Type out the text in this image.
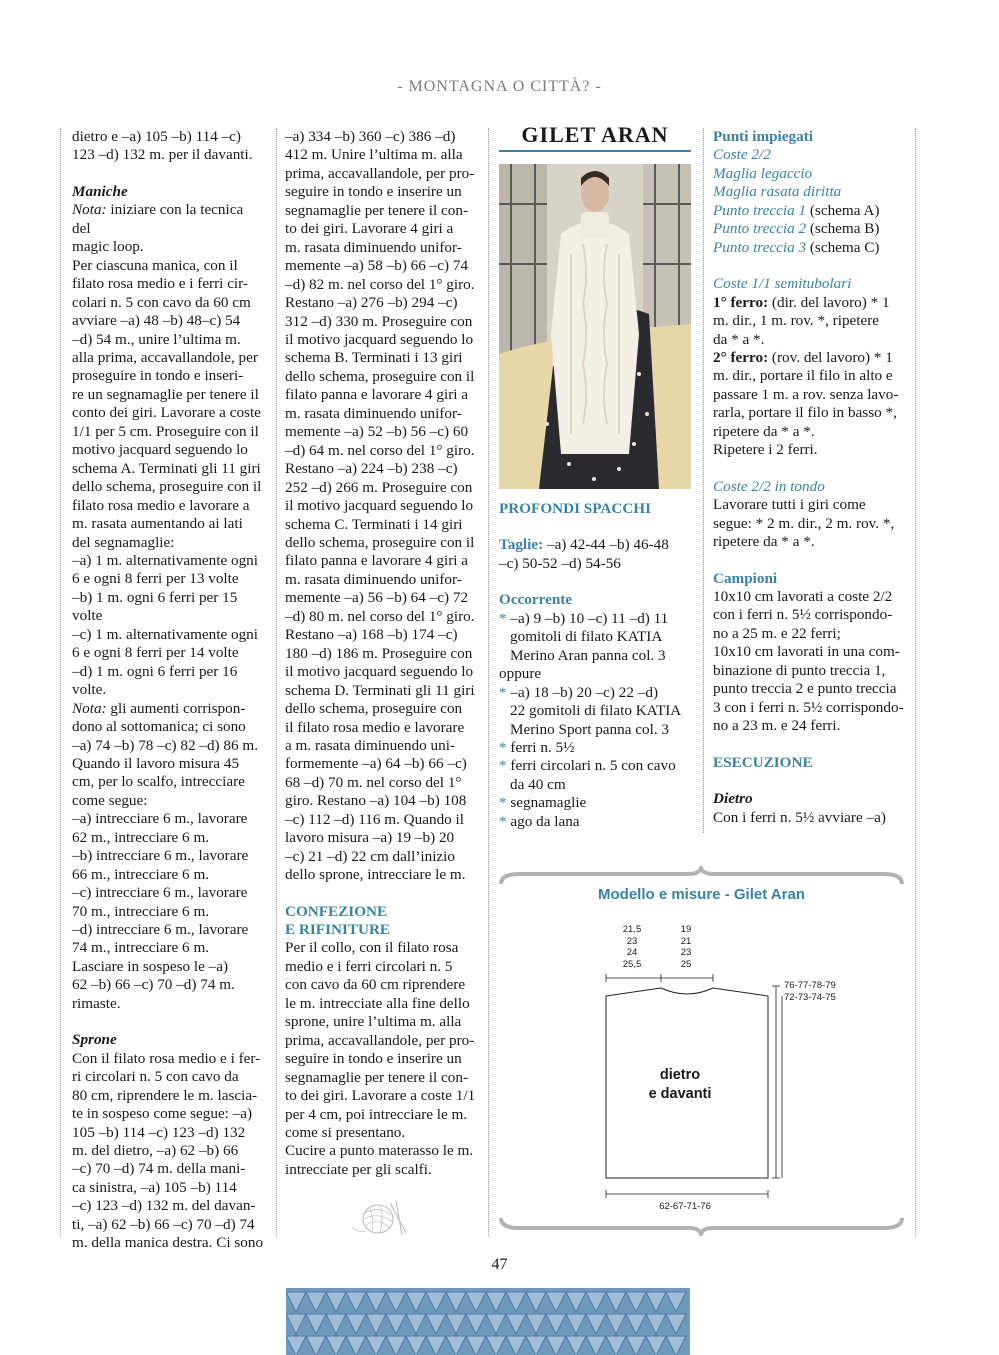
- MONTAGNA O CITTÀ? -

dietro e –a) 105 –b) 114 –c)

123 –d) 132 m. per il davanti.

Maniche

Nota: iniziare con la tecnica del

magic loop.

Per ciascuna manica, con il

filato rosa medio e i ferri cir-

colari n. 5 con cavo da 60 cm

avviare –a) 48 –b) 48–c) 54

–d) 54 m., unire l’ultima m.

alla prima, accavallandole, per

proseguire in tondo e inseri-

re un segnamaglie per tenere il

conto dei giri. Lavorare a coste

1/1 per 5 cm. Proseguire con il

motivo jacquard seguendo lo

schema A. Terminati gli 11 giri

dello schema, proseguire con il

filato rosa medio e lavorare a

m. rasata aumentando ai lati

del segnamaglie:

–a) 1 m. alternativamente ogni

6 e ogni 8 ferri per 13 volte

–b) 1 m. ogni 6 ferri per 15

volte

–c) 1 m. alternativamente ogni

6 e ogni 8 ferri per 14 volte

–d) 1 m. ogni 6 ferri per 16

volte.

Nota: gli aumenti corrispon-

dono al sottomanica; ci sono

–a) 74 –b) 78 –c) 82 –d) 86 m.

Quando il lavoro misura 45

cm, per lo scalfo, intrecciare

come segue:

–a) intrecciare 6 m., lavorare

62 m., intrecciare 6 m.

–b) intrecciare 6 m., lavorare

66 m., intrecciare 6 m.

–c) intrecciare 6 m., lavorare

70 m., intrecciare 6 m.

–d) intrecciare 6 m., lavorare

74 m., intrecciare 6 m.

Lasciare in sospeso le –a)

62 –b) 66 –c) 70 –d) 74 m.

rimaste.

Sprone

Con il filato rosa medio e i fer-

ri circolari n. 5 con cavo da

80 cm, riprendere le m. lascia-

te in sospeso come segue: –a)

105 –b) 114 –c) 123 –d) 132

m. del dietro, –a) 62 –b) 66

–c) 70 –d) 74 m. della mani-

ca sinistra, –a) 105 –b) 114

–c) 123 –d) 132 m. del davan-

ti, –a) 62 –b) 66 –c) 70 –d) 74

m. della manica destra. Ci sono

–a) 334 –b) 360 –c) 386 –d)

412 m. Unire l’ultima m. alla

prima, accavallandole, per pro-

seguire in tondo e inserire un

segnamaglie per tenere il con-

to dei giri. Lavorare 4 giri a

m. rasata diminuendo unifor-

memente –a) 58 –b) 66 –c) 74

–d) 82 m. nel corso del 1° giro.

Restano –a) 276 –b) 294 –c)

312 –d) 330 m. Proseguire con

il motivo jacquard seguendo lo

schema B. Terminati i 13 giri

dello schema, proseguire con il

filato panna e lavorare 4 giri a

m. rasata diminuendo unifor-

memente –a) 52 –b) 56 –c) 60

–d) 64 m. nel corso del 1° giro.

Restano –a) 224 –b) 238 –c)

252 –d) 266 m. Proseguire con

il motivo jacquard seguendo lo

schema C. Terminati i 14 giri

dello schema, proseguire con il

filato panna e lavorare 4 giri a

m. rasata diminuendo unifor-

memente –a) 56 –b) 64 –c) 72

–d) 80 m. nel corso del 1° giro.

Restano –a) 168 –b) 174 –c)

180 –d) 186 m. Proseguire con

il motivo jacquard seguendo lo

schema D. Terminati gli 11 giri

dello schema, proseguire con

il filato rosa medio e lavorare

a m. rasata diminuendo uni-

formemente –a) 64 –b) 66 –c)

68 –d) 70 m. nel corso del 1°

giro. Restano –a) 104 –b) 108

–c) 112 –d) 116 m. Quando il

lavoro misura –a) 19 –b) 20

–c) 21 –d) 22 cm dall’inizio

dello sprone, intrecciare le m.

CONFEZIONE

E RIFINITURE

Per il collo, con il filato rosa

medio e i ferri circolari n. 5

con cavo da 60 cm riprendere

le m. intrecciate alla fine dello

sprone, unire l’ultima m. alla

prima, accavallandole, per pro-

seguire in tondo e inserire un

segnamaglie per tenere il con-

to dei giri. Lavorare a coste 1/1

per 4 cm, poi intrecciare le m.

come si presentano.

Cucire a punto materasso le m.

intrecciate per gli scalfi.

GILET ARAN

PROFONDI SPACCHI

Taglie: –a) 42-44 –b) 46-48

–c) 50-52 –d) 54-56

Occorrente

* –a) 9 –b) 10 –c) 11 –d) 11

gomitoli di filato KATIA

Merino Aran panna col. 3

oppure

* –a) 18 –b) 20 –c) 22 –d)

22 gomitoli di filato KATIA

Merino Sport panna col. 3

* ferri n. 5½

* ferri circolari n. 5 con cavo

da 40 cm

* segnamaglie

* ago da lana

Punti impiegati

Coste 2/2

Maglia legaccio

Maglia rasata diritta

Punto treccia 1 (schema A)

Punto treccia 2 (schema B)

Punto treccia 3 (schema C)

Coste 1/1 semitubolari

1° ferro: (dir. del lavoro) * 1

m. dir., 1 m. rov. *, ripetere

da * a *.

2° ferro: (rov. del lavoro) * 1

m. dir., portare il filo in alto e

passare 1 m. a rov. senza lavo-

rarla, portare il filo in basso *,

ripetere da * a *.

Ripetere i 2 ferri.

Coste 2/2 in tondo

Lavorare tutti i giri come

segue: * 2 m. dir., 2 m. rov. *,

ripetere da * a *.

Campioni

10x10 cm lavorati a coste 2/2

con i ferri n. 5½ corrispondo-

no a 25 m. e 22 ferri;

10x10 cm lavorati in una com-

binazione di punto treccia 1,

punto treccia 2 e punto treccia

3 con i ferri n. 5½ corrispondo-

no a 23 m. e 24 ferri.

ESECUZIONE

Dietro

Con i ferri n. 5½ avviare –a)

Modello e misure - Gilet Aran
21,5
23
24
25,5
19
21
23
25
76-77-78-79
72-73-74-75
dietro
e davanti
62-67-71-76
47
